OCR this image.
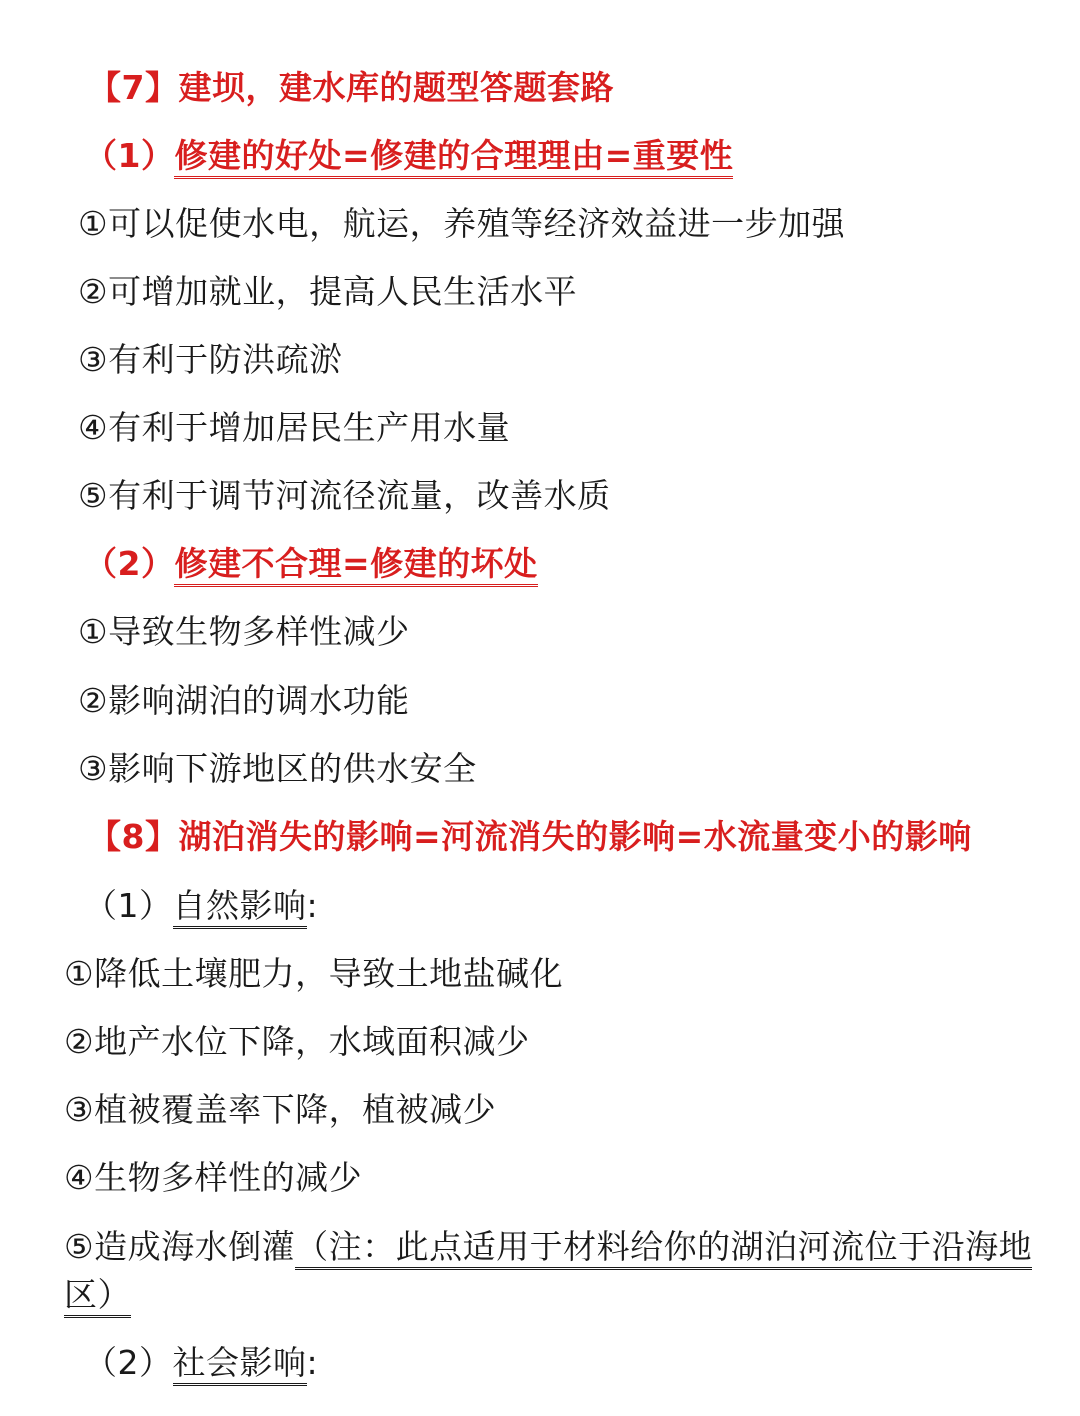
【7】建坝，建水库的题型答题套路
（1）修建的好处=修建的合理理由=重要性
①可以促使水电，航运，养殖等经济效益进一步加强
②可增加就业，提高人民生活水平
③有利于防洪疏淤
④有利于增加居民生产用水量
⑤有利于调节河流径流量，改善水质
（2）修建不合理=修建的坏处
①导致生物多样性减少
②影响湖泊的调水功能
③影响下游地区的供水安全
【8】湖泊消失的影响=河流消失的影响=水流量变小的影响
（1）自然影响:
①降低土壤肥力，导致土地盐碱化
②地产水位下降，水域面积减少
③植被覆盖率下降，植被减少
④生物多样性的减少
⑤造成海水倒灌（注：此点适用于材料给你的湖泊河流位于沿海地
区）
（2）社会影响:
